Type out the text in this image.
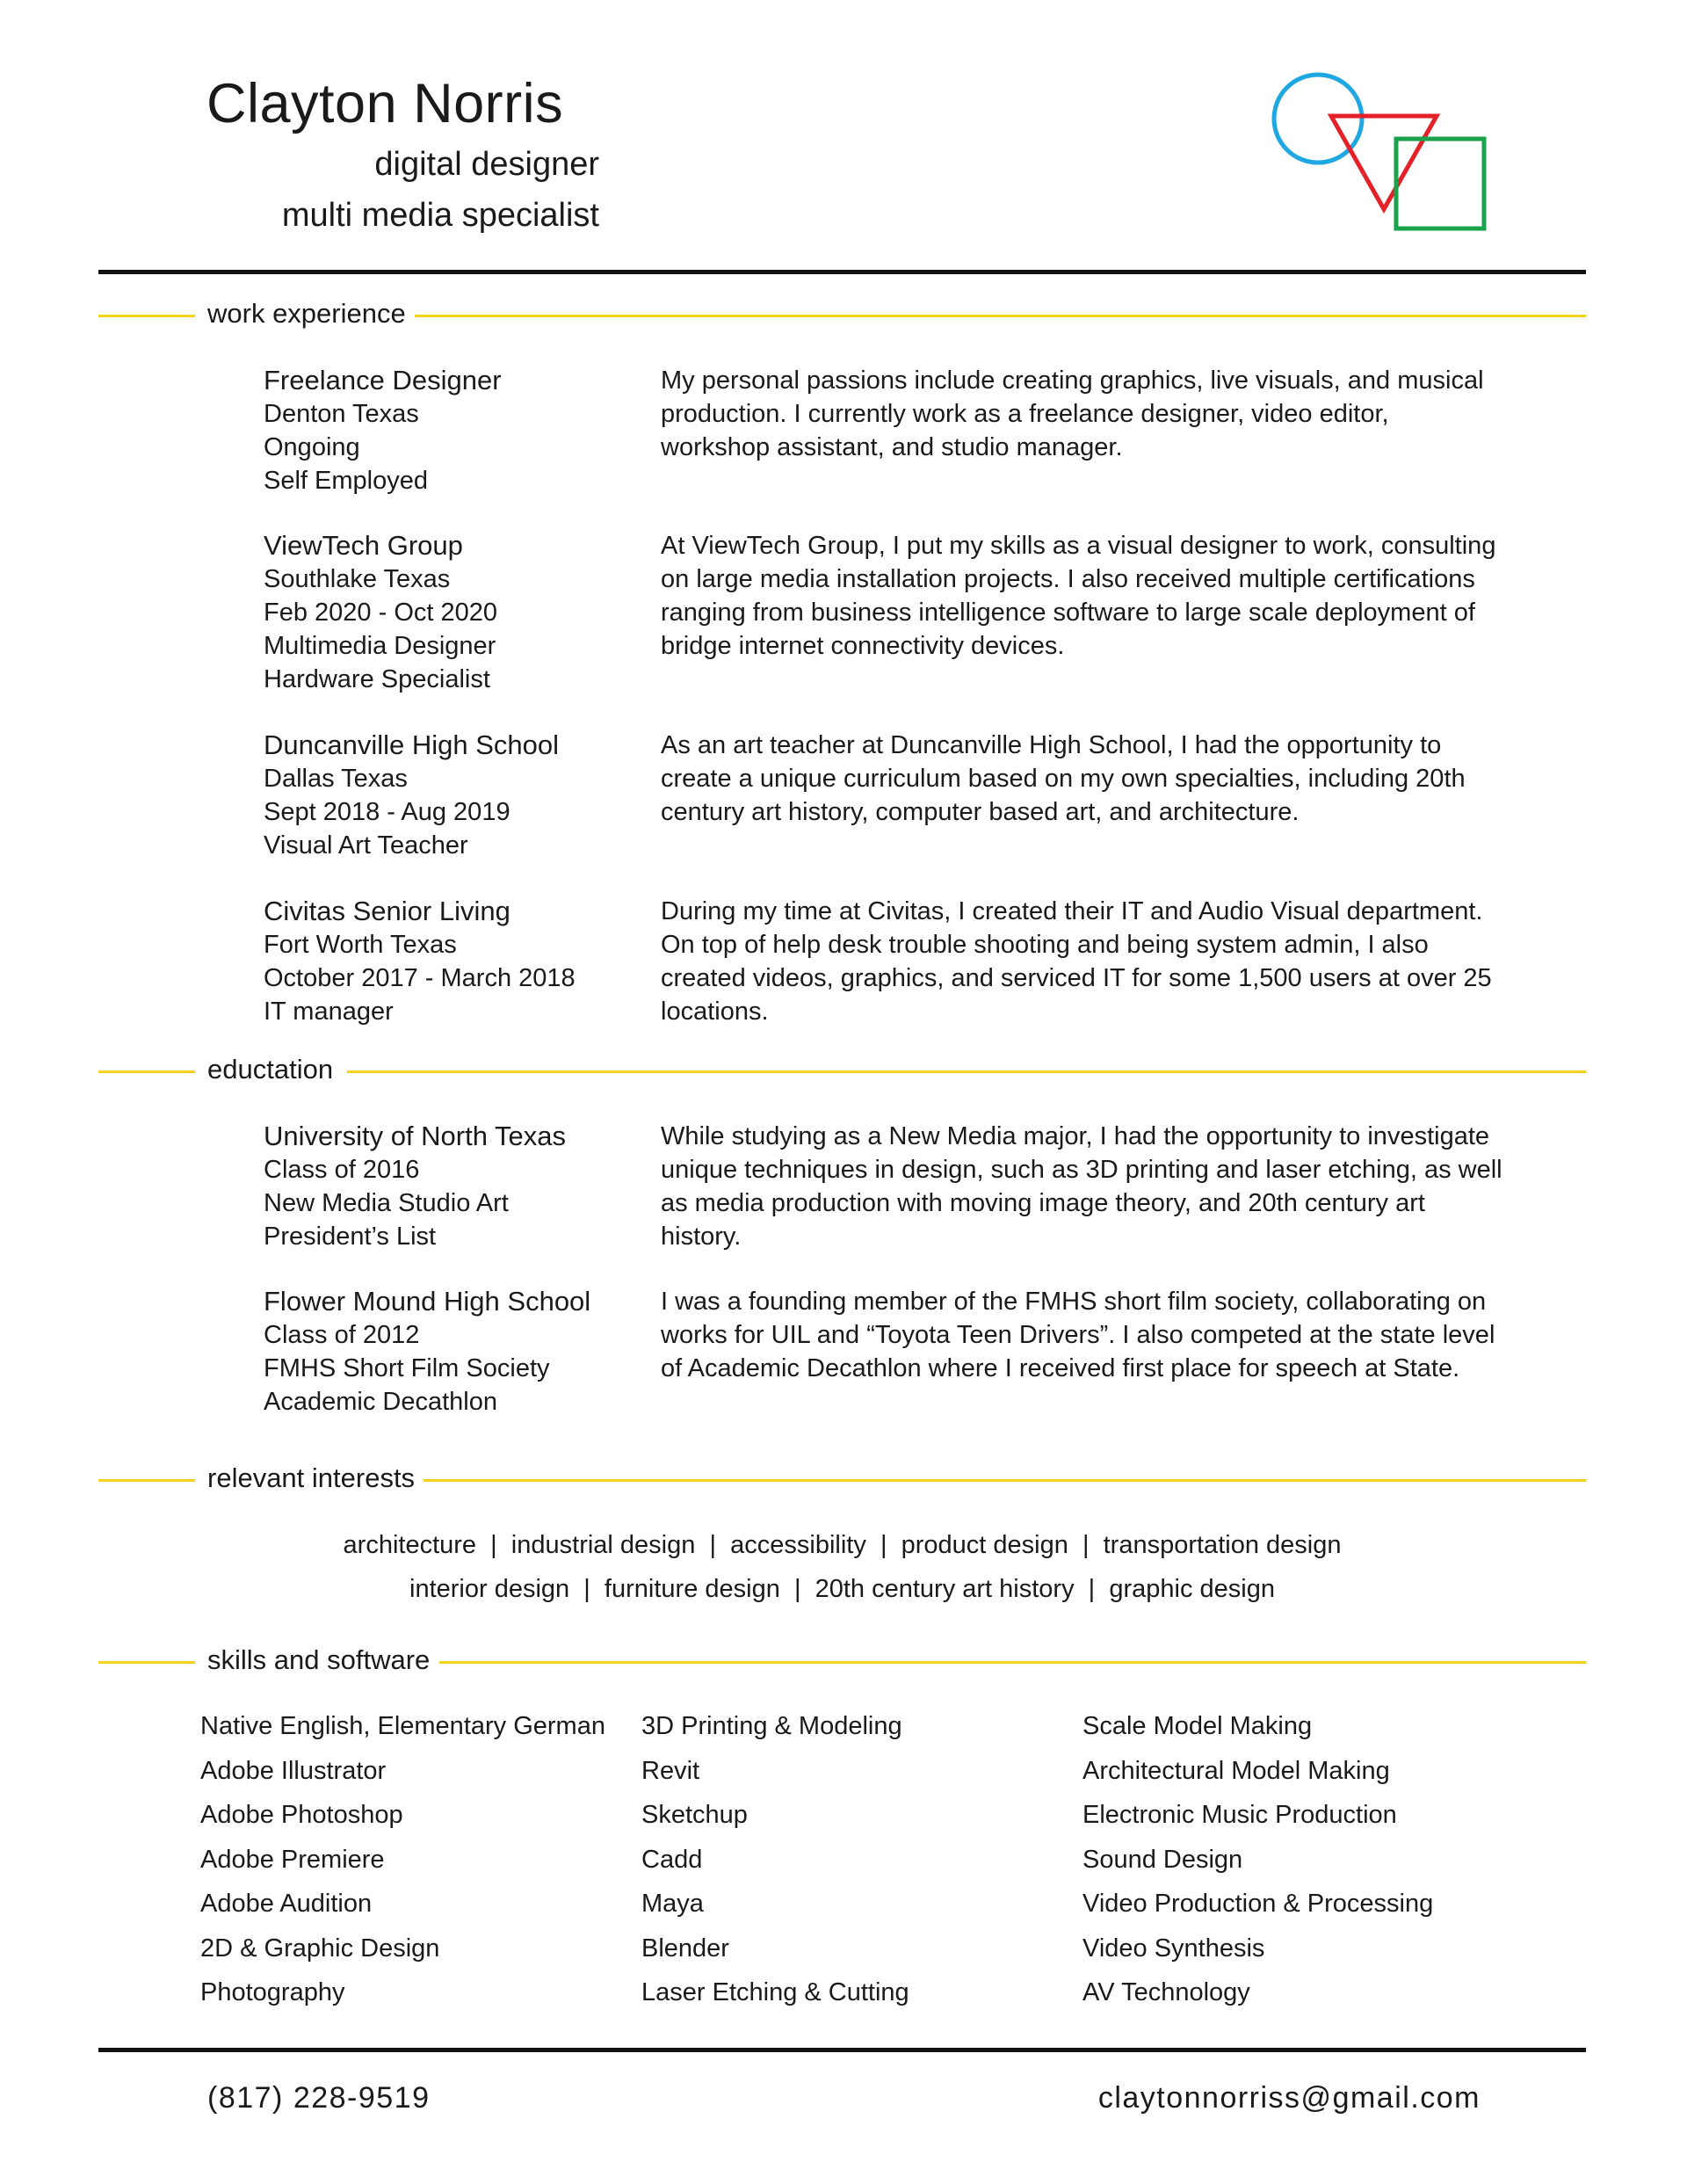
Clayton Norris
digital designer
multi media specialist
work experience
Freelance Designer
Denton Texas
Ongoing
Self Employed
My personal passions include creating graphics, live visuals, and musical production. I currently work as a freelance designer, video editor, workshop assistant, and studio manager.
ViewTech Group
Southlake Texas
Feb 2020 - Oct 2020
Multimedia Designer
Hardware Specialist
At ViewTech Group, I put my skills as a visual designer to work, consulting on large media installation projects. I also received multiple certifications ranging from business intelligence software to large scale deployment of bridge internet connectivity devices.
Duncanville High School
Dallas Texas
Sept 2018 - Aug 2019
Visual Art Teacher
As an art teacher at Duncanville High School, I had the opportunity to create a unique curriculum based on my own specialties, including 20th century art history, computer based art, and architecture.
Civitas Senior Living
Fort Worth Texas
October 2017 - March 2018
IT manager
During my time at Civitas, I created their IT and Audio Visual department. On top of help desk trouble shooting and being system admin, I also created videos, graphics, and serviced IT for some 1,500 users at over 25 locations.
eductation
University of North Texas
Class of 2016
New Media Studio Art
President’s List
While studying as a New Media major, I had the opportunity to investigate unique techniques in design, such as 3D printing and laser etching, as well as media production with moving image theory, and 20th century art history.
Flower Mound High School
Class of 2012
FMHS Short Film Society
Academic Decathlon
I was a founding member of the FMHS short film society, collaborating on works for UIL and “Toyota Teen Drivers”. I also competed at the state level of Academic Decathlon where I received first place for speech at State.
relevant interests
architecture  |  industrial design  |  accessibility  |  product design  |  transportation design
interior design  |  furniture design  |  20th century art history  |  graphic design
skills and software
Native English, Elementary German
Adobe Illustrator
Adobe Photoshop
Adobe Premiere
Adobe Audition
2D & Graphic Design
Photography
3D Printing & Modeling
Revit
Sketchup
Cadd
Maya
Blender
Laser Etching & Cutting
Scale Model Making
Architectural Model Making
Electronic Music Production
Sound Design
Video Production & Processing
Video Synthesis
AV Technology
(817) 228-9519	claytonnorriss@gmail.com
